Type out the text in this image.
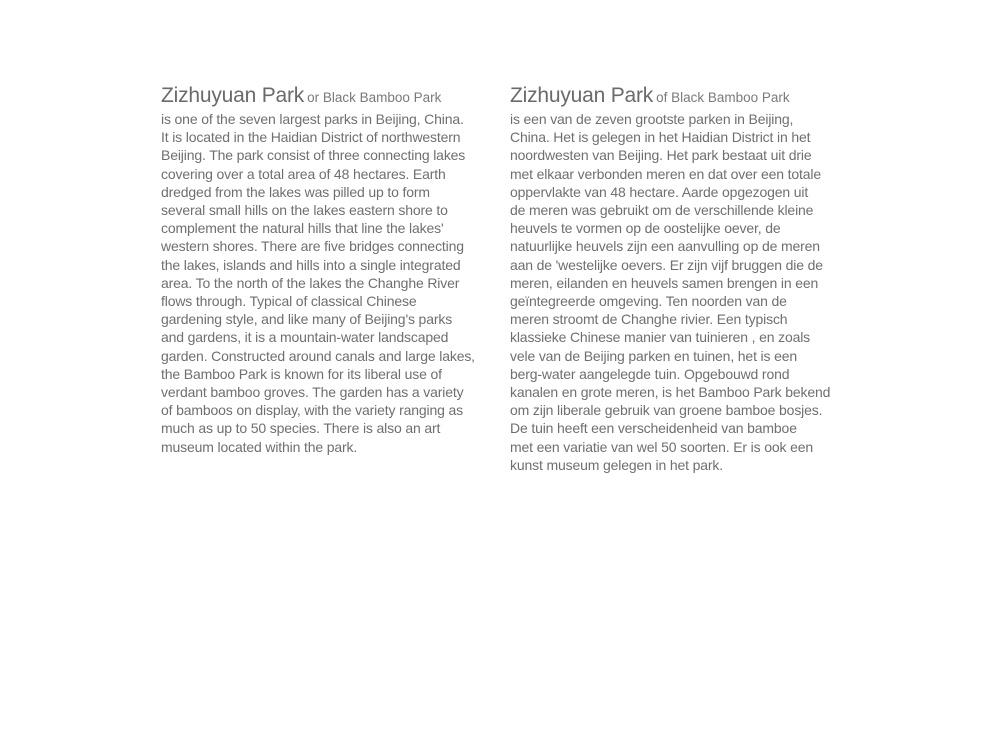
Zizhuyuan Park or Black Bamboo Park
is one of the seven largest parks in Beijing, China.
It is located in the Haidian District of northwestern
Beijing. The park consist of three connecting lakes
covering over a total area of 48 hectares. Earth
dredged from the lakes was pilled up to form
several small hills on the lakes eastern shore to
complement the natural hills that line the lakes'
western shores. There are five bridges connecting
the lakes, islands and hills into a single integrated
area. To the north of the lakes the Changhe River
flows through. Typical of classical Chinese
gardening style, and like many of Beijing's parks
and gardens, it is a mountain-water landscaped
garden. Constructed around canals and large lakes,
the Bamboo Park is known for its liberal use of
verdant bamboo groves. The garden has a variety
of bamboos on display, with the variety ranging as
much as up to 50 species. There is also an art
museum located within the park.
Zizhuyuan Park of Black Bamboo Park
is een van de zeven grootste parken in Beijing,
China. Het is gelegen in het Haidian District in het
noordwesten van Beijing. Het park bestaat uit drie
met elkaar verbonden meren en dat over een totale
oppervlakte van 48 hectare. Aarde opgezogen uit
de meren was gebruikt om de verschillende kleine
heuvels te vormen op de oostelijke oever, de
natuurlijke heuvels zijn een aanvulling op de meren
aan de 'westelijke oevers. Er zijn vijf bruggen die de
meren, eilanden en heuvels samen brengen in een
geïntegreerde omgeving. Ten noorden van de
meren stroomt de Changhe rivier. Een typisch
klassieke Chinese manier van tuinieren , en zoals
vele van de Beijing parken en tuinen, het is een
berg-water aangelegde tuin. Opgebouwd rond
kanalen en grote meren, is het Bamboo Park bekend
om zijn liberale gebruik van groene bamboe bosjes.
De tuin heeft een verscheidenheid van bamboe
met een variatie van wel 50 soorten. Er is ook een
kunst museum gelegen in het park.
